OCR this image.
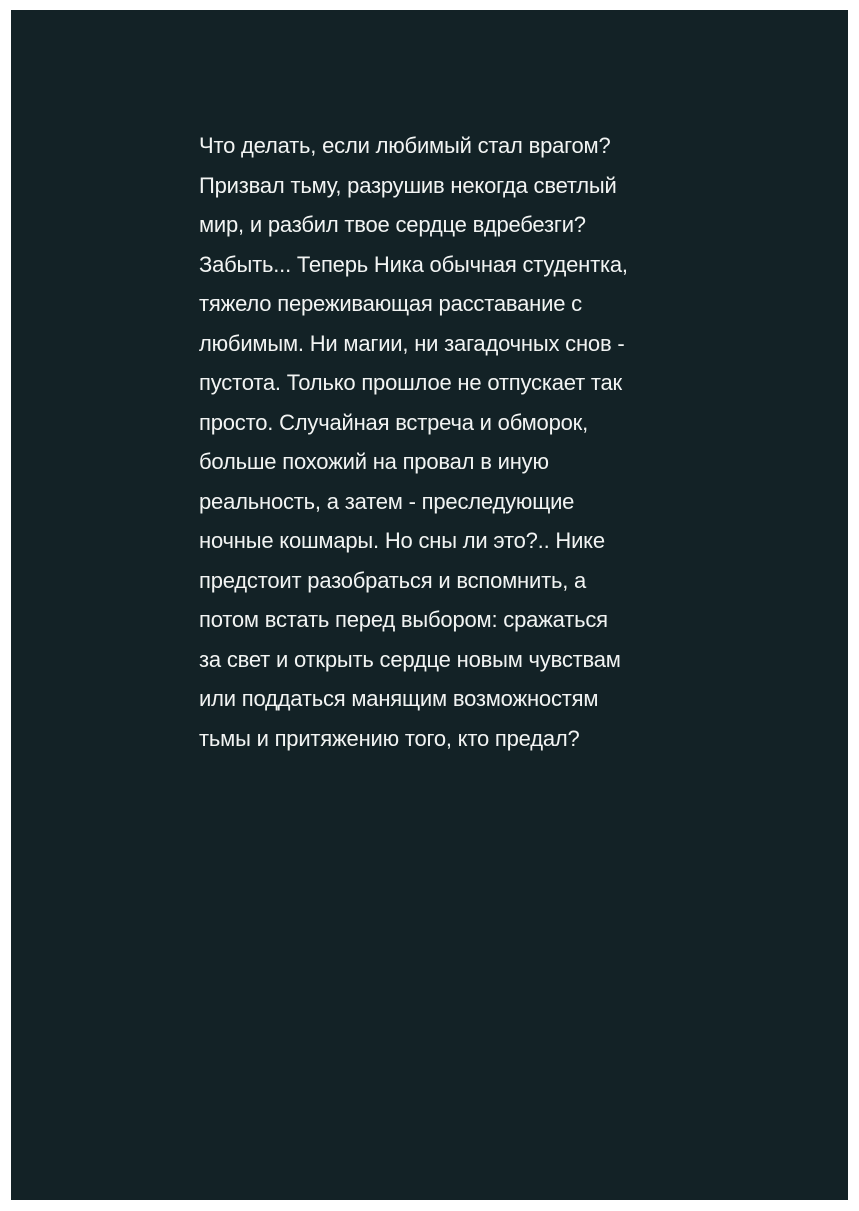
Что делать, если любимый стал врагом?
Призвал тьму, разрушив некогда светлый
мир, и разбил твое сердце вдребезги?
Забыть... Теперь Ника обычная студентка,
тяжело переживающая расставание с
любимым. Ни магии, ни загадочных снов -
пустота. Только прошлое не отпускает так
просто. Случайная встреча и обморок,
больше похожий на провал в иную
реальность, а затем - преследующие
ночные кошмары. Но сны ли это?.. Нике
предстоит разобраться и вспомнить, а
потом встать перед выбором: сражаться
за свет и открыть сердце новым чувствам
или поддаться манящим возможностям
тьмы и притяжению того, кто предал?
